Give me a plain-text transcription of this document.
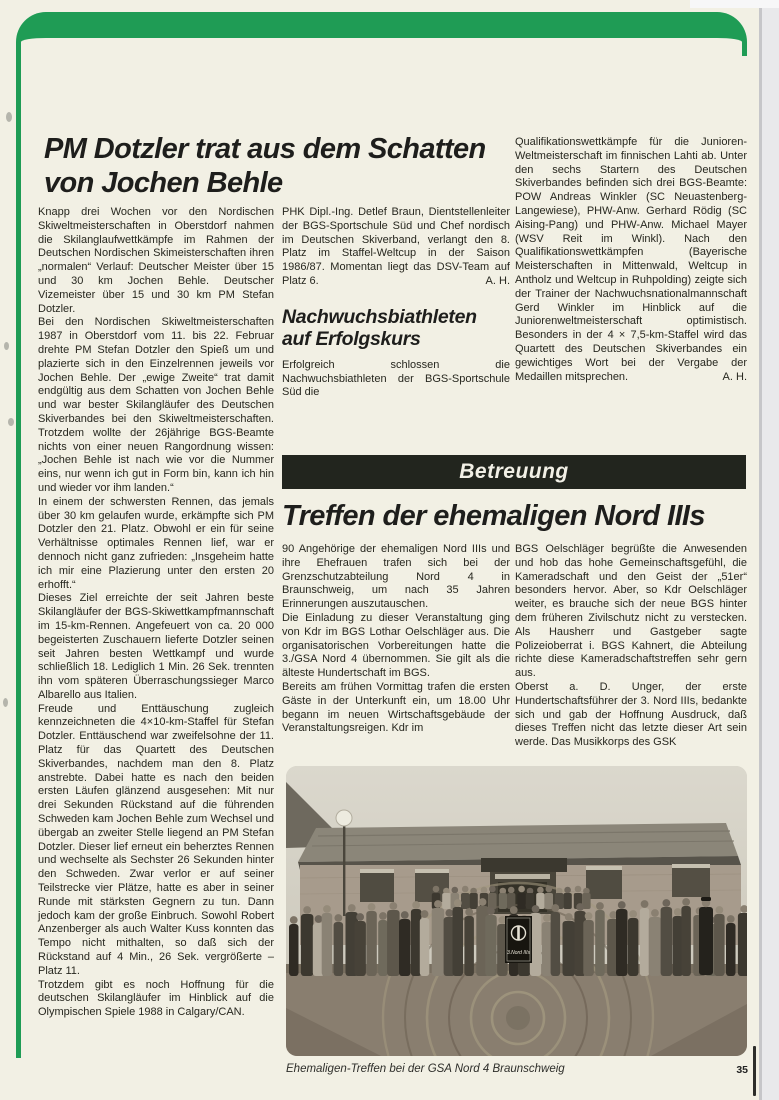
PM Dotzler trat aus dem Schatten von Jochen Behle

Knapp drei Wochen vor den Nordischen Skiweltmeisterschaften in Oberstdorf nahmen die Skilanglaufwettkämpfe im Rahmen der Deutschen Nordischen Skimeisterschaften ihren „normalen“ Verlauf: Deutscher Meister über 15 und 30 km Jochen Behle. Deutscher Vizemeister über 15 und 30 km PM Stefan Dotzler.

Bei den Nordischen Skiweltmeisterschaften 1987 in Oberstdorf vom 11. bis 22. Februar drehte PM Stefan Dotzler den Spieß um und plazierte sich in den Einzelrennen jeweils vor Jochen Behle. Der „ewige Zweite“ trat damit endgültig aus dem Schatten von Jochen Behle und war bester Skilangläufer des Deutschen Skiverbandes bei den Skiweltmeisterschaften. Trotzdem wollte der 26jährige BGS-Beamte nichts von einer neuen Rangordnung wissen: „Jochen Behle ist nach wie vor die Nummer eins, nur wenn ich gut in Form bin, kann ich hin und wieder vor ihm landen.“

In einem der schwersten Rennen, das jemals über 30 km gelaufen wurde, erkämpfte sich PM Dotzler den 21. Platz. Obwohl er ein für seine Verhältnisse optimales Rennen lief, war er dennoch nicht ganz zufrieden: „Insgeheim hatte ich mir eine Plazierung unter den ersten 20 erhofft.“

Dieses Ziel erreichte der seit Jahren beste Skilangläufer der BGS-Skiwettkampfmannschaft im 15-km-Rennen. Angefeuert von ca. 20 000 begeisterten Zuschauern lieferte Dotzler seinen seit Jahren besten Wettkampf und wurde schließlich 18. Lediglich 1 Min. 26 Sek. trennten ihn vom späteren Überraschungssieger Marco Albarello aus Italien.

Freude und Enttäuschung zugleich kennzeichneten die 4×10-km-Staffel für Stefan Dotzler. Enttäuschend war zweifelsohne der 11. Platz für das Quartett des Deutschen Skiverbandes, nachdem man den 8. Platz anstrebte. Dabei hatte es nach den beiden ersten Läufen glänzend ausgesehen: Mit nur drei Sekunden Rückstand auf die führenden Schweden kam Jochen Behle zum Wechsel und übergab an zweiter Stelle liegend an PM Stefan Dotzler. Dieser lief erneut ein beherztes Rennen und wechselte als Sechster 26 Sekunden hinter den Schweden. Zwar verlor er auf seiner Teilstrecke vier Plätze, hatte es aber in seiner Runde mit stärksten Gegnern zu tun. Dann jedoch kam der große Einbruch. Sowohl Robert Anzenberger als auch Walter Kuss konnten das Tempo nicht mithalten, so daß sich der Rückstand auf 4 Min., 26 Sek. vergrößerte – Platz 11.

Trotzdem gibt es noch Hoffnung für die deutschen Skilangläufer im Hinblick auf die Olympischen Spiele 1988 in Calgary/CAN.

PHK Dipl.-Ing. Detlef Braun, Dientstellenleiter der BGS-Sportschule Süd und Chef nordisch im Deutschen Skiverband, verlangt den 8. Platz im Staffel-Weltcup in der Saison 1986/87. Momentan liegt das DSV-Team auf Platz 6.	A. H.

Nachwuchsbiathleten auf Erfolgskurs

Erfolgreich schlossen die Nachwuchsbiathleten der BGS-Sportschule Süd die

Qualifikationswettkämpfe für die Junioren-Weltmeisterschaft im finnischen Lahti ab. Unter den sechs Startern des Deutschen Skiverbandes befinden sich drei BGS-Beamte: POW Andreas Winkler (SC Neuastenberg-Langewiese), PHW-Anw. Gerhard Rödig (SC Aising-Pang) und PHW-Anw. Michael Mayer (WSV Reit im Winkl). Nach den Qualifikationswettkämpfen (Bayerische Meisterschaften in Mittenwald, Weltcup in Antholz und Weltcup in Ruhpolding) zeigte sich der Trainer der Nachwuchsnationalmannschaft Gerd Winkler im Hinblick auf die Juniorenweltmeisterschaft optimistisch. Besonders in der 4 × 7,5-km-Staffel wird das Quartett des Deutschen Skiverbandes ein gewichtiges Wort bei der Vergabe der Medaillen mitsprechen.	A. H.

Betreuung
Treffen der ehemaligen Nord IIIs

90 Angehörige der ehemaligen Nord IIIs und ihre Ehefrauen trafen sich bei der Grenzschutzabteilung Nord 4 in Braunschweig, um nach 35 Jahren Erinnerungen auszutauschen.

Die Einladung zu dieser Veranstaltung ging von Kdr im BGS Lothar Oelschläger aus. Die organisatorischen Vorbereitungen hatte die 3./GSA Nord 4 übernommen. Sie gilt als die älteste Hundertschaft im BGS.

Bereits am frühen Vormittag trafen die ersten Gäste in der Unterkunft ein, um 18.00 Uhr begann im neuen Wirtschaftsgebäude der Veranstaltungsreigen. Kdr im

BGS Oelschläger begrüßte die Anwesenden und hob das hohe Gemeinschaftsgefühl, die Kameradschaft und den Geist der „51er“ besonders hervor. Aber, so Kdr Oelschläger weiter, es brauche sich der neue BGS hinter dem früheren Zivilschutz nicht zu verstecken. Als Hausherr und Gastgeber sagte Polizeioberrat i. BGS Kahnert, die Abteilung richte diese Kameradschaftstreffen sehr gern aus.

Oberst a. D. Unger, der erste Hundertschaftsführer der 3. Nord IIIs, bedankte sich und gab der Hoffnung Ausdruck, daß dieses Treffen nicht das letzte dieser Art sein werde. Das Musikkorps des GSK

3.Nord IIIs
Ehemaligen-Treffen bei der GSA Nord 4 Braunschweig	35
